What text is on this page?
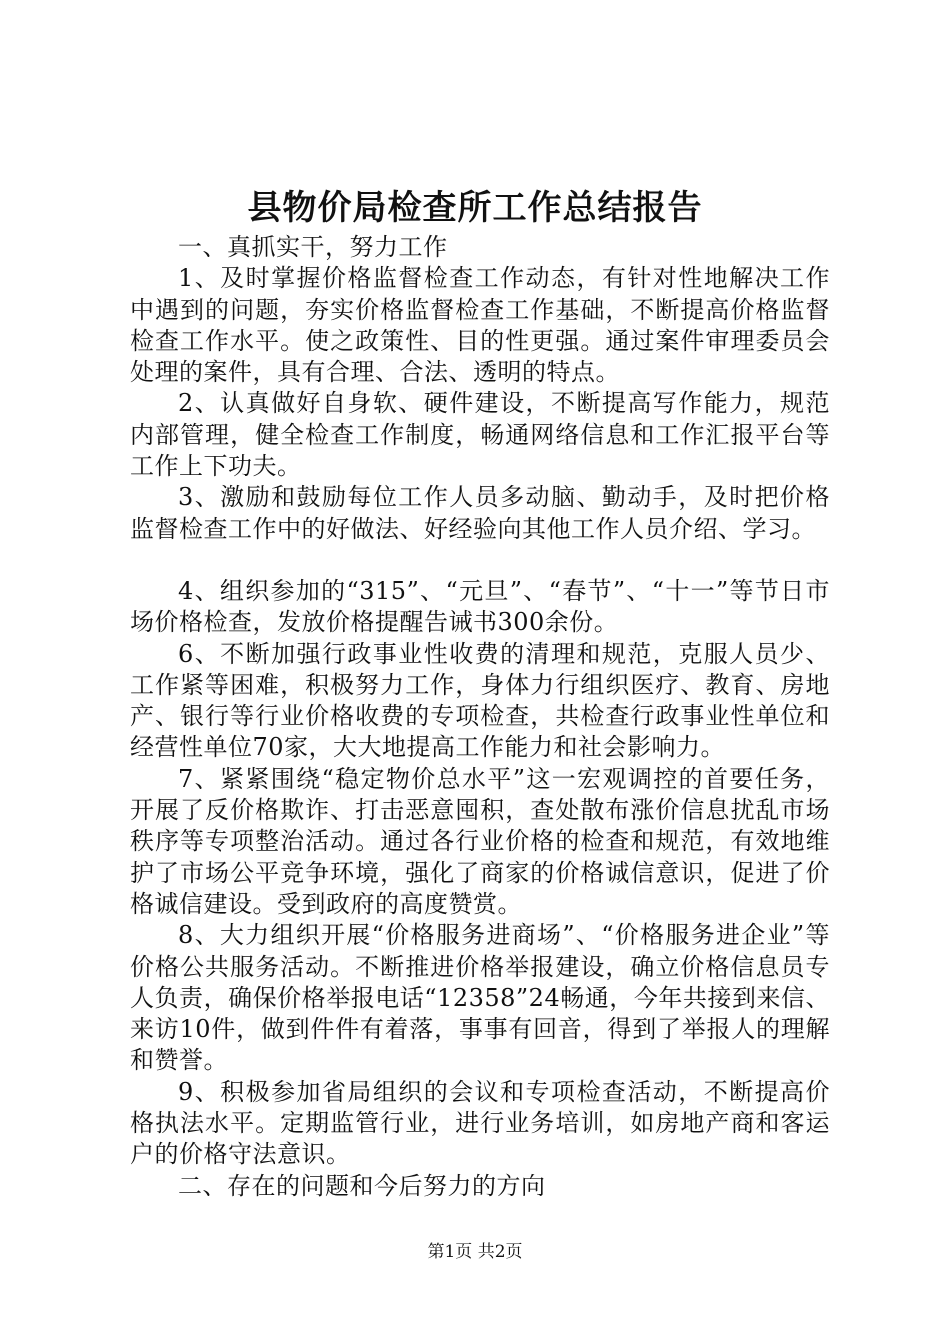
县物价局检查所工作总结报告

一、真抓实干，努力工作

1、及时掌握价格监督检查工作动态，有针对性地解决工作中遇到的问题，夯实价格监督检查工作基础，不断提高价格监督检查工作水平。使之政策性、目的性更强。通过案件审理委员会处理的案件，具有合理、合法、透明的特点。

2、认真做好自身软、硬件建设，不断提高写作能力，规范内部管理，健全检查工作制度，畅通网络信息和工作汇报平台等工作上下功夫。

3、激励和鼓励每位工作人员多动脑、勤动手，及时把价格监督检查工作中的好做法、好经验向其他工作人员介绍、学习。

4、组织参加的“315”、“元旦”、“春节”、“十一”等节日市场价格检查，发放价格提醒告诫书300余份。

6、不断加强行政事业性收费的清理和规范，克服人员少、工作紧等困难，积极努力工作，身体力行组织医疗、教育、房地产、银行等行业价格收费的专项检查，共检查行政事业性单位和经营性单位70家，大大地提高工作能力和社会影响力。

7、紧紧围绕“稳定物价总水平”这一宏观调控的首要任务，开展了反价格欺诈、打击恶意囤积，查处散布涨价信息扰乱市场秩序等专项整治活动。通过各行业价格的检查和规范，有效地维护了市场公平竞争环境，强化了商家的价格诚信意识，促进了价格诚信建设。受到政府的高度赞赏。

8、大力组织开展“价格服务进商场”、“价格服务进企业”等价格公共服务活动。不断推进价格举报建设，确立价格信息员专人负责，确保价格举报电话“12358”24畅通，今年共接到来信、来访10件，做到件件有着落，事事有回音，得到了举报人的理解和赞誉。

9、积极参加省局组织的会议和专项检查活动，不断提高价格执法水平。定期监管行业，进行业务培训，如房地产商和客运户的价格守法意识。

二、存在的问题和今后努力的方向

第1页 共2页
